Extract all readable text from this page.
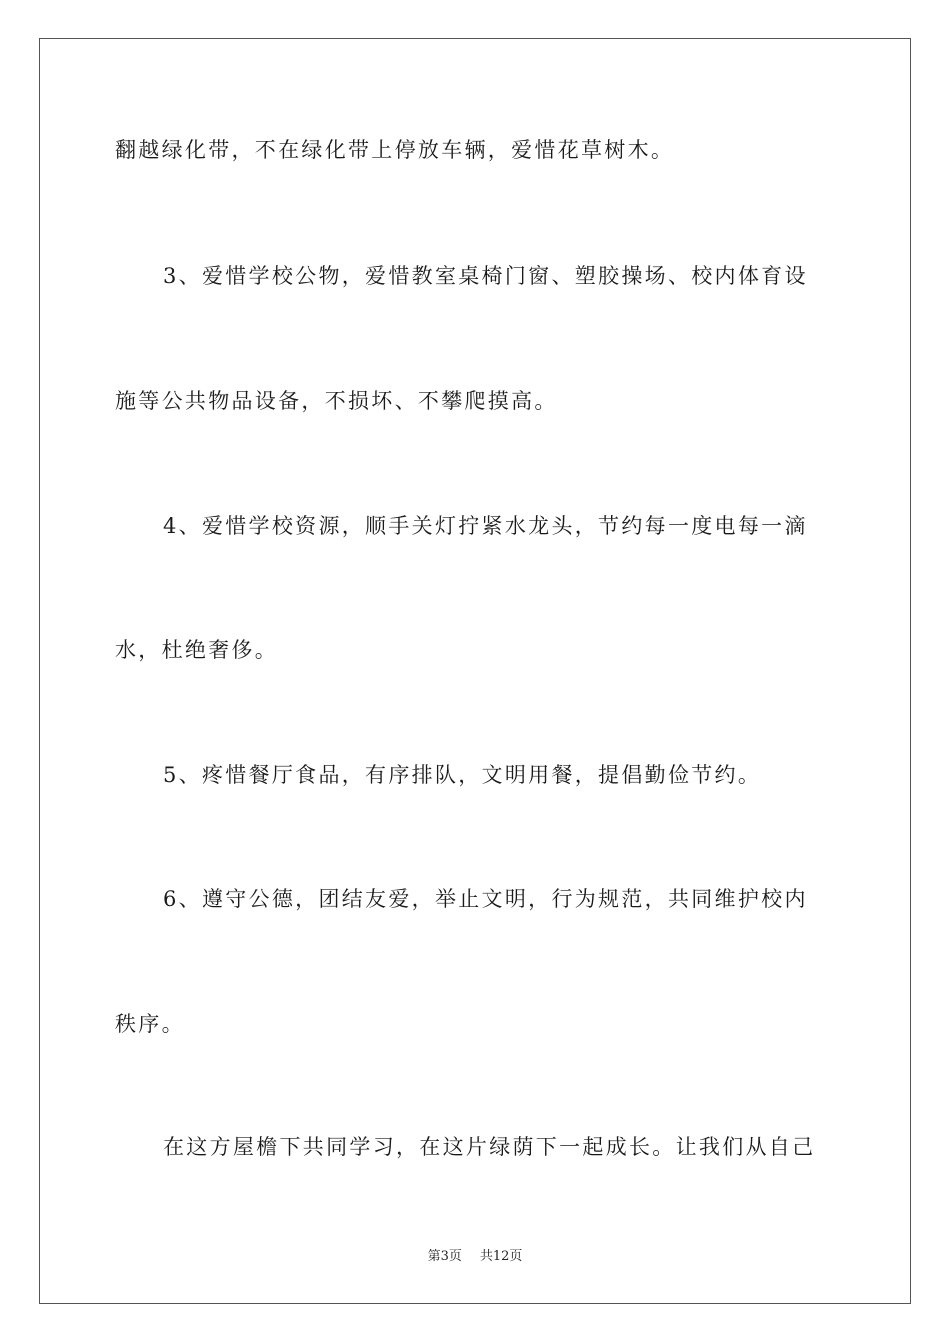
翻越绿化带，不在绿化带上停放车辆，爱惜花草树木。
3、爱惜学校公物，爱惜教室桌椅门窗、塑胶操场、校内体育设
施等公共物品设备，不损坏、不攀爬摸高。
4、爱惜学校资源，顺手关灯拧紧水龙头，节约每一度电每一滴
水，杜绝奢侈。
5、疼惜餐厅食品，有序排队，文明用餐，提倡勤俭节约。
6、遵守公德，团结友爱，举止文明，行为规范，共同维护校内
秩序。
在这方屋檐下共同学习，在这片绿荫下一起成长。让我们从自己
第3页 共12页
